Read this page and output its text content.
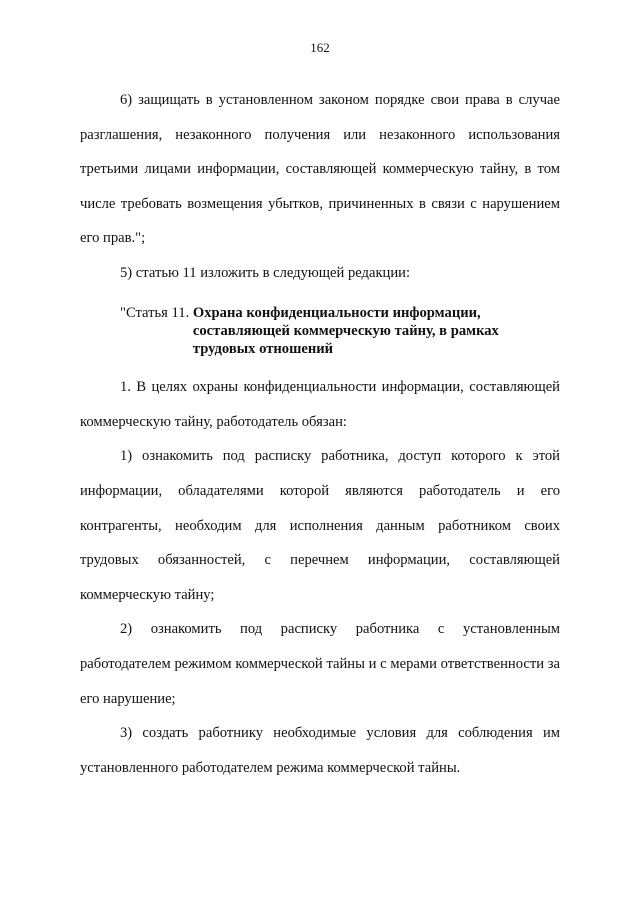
162

6) защищать в установленном законом порядке свои права в случае разглашения, незаконного получения или незаконного использования третьими лицами информации, составляющей коммерческую тайну, в том числе требовать возмещения убытков, причиненных в связи с нарушением его прав.";

5) статью 11 изложить в следующей редакции:

"Статья 11. Охрана конфиденциальности информации,
составляющей коммерческую тайну, в рамках
трудовых отношений

1. В целях охраны конфиденциальности информации, составляющей коммерческую тайну, работодатель обязан:

1) ознакомить под расписку работника, доступ которого к этой информации, обладателями которой являются работодатель и его контрагенты, необходим для исполнения данным работником своих трудовых обязанностей, с перечнем информации, составляющей коммерческую тайну;

2) ознакомить под расписку работника с установленным работодателем режимом коммерческой тайны и с мерами ответственности за его нарушение;

3) создать работнику необходимые условия для соблюдения им установленного работодателем режима коммерческой тайны.
